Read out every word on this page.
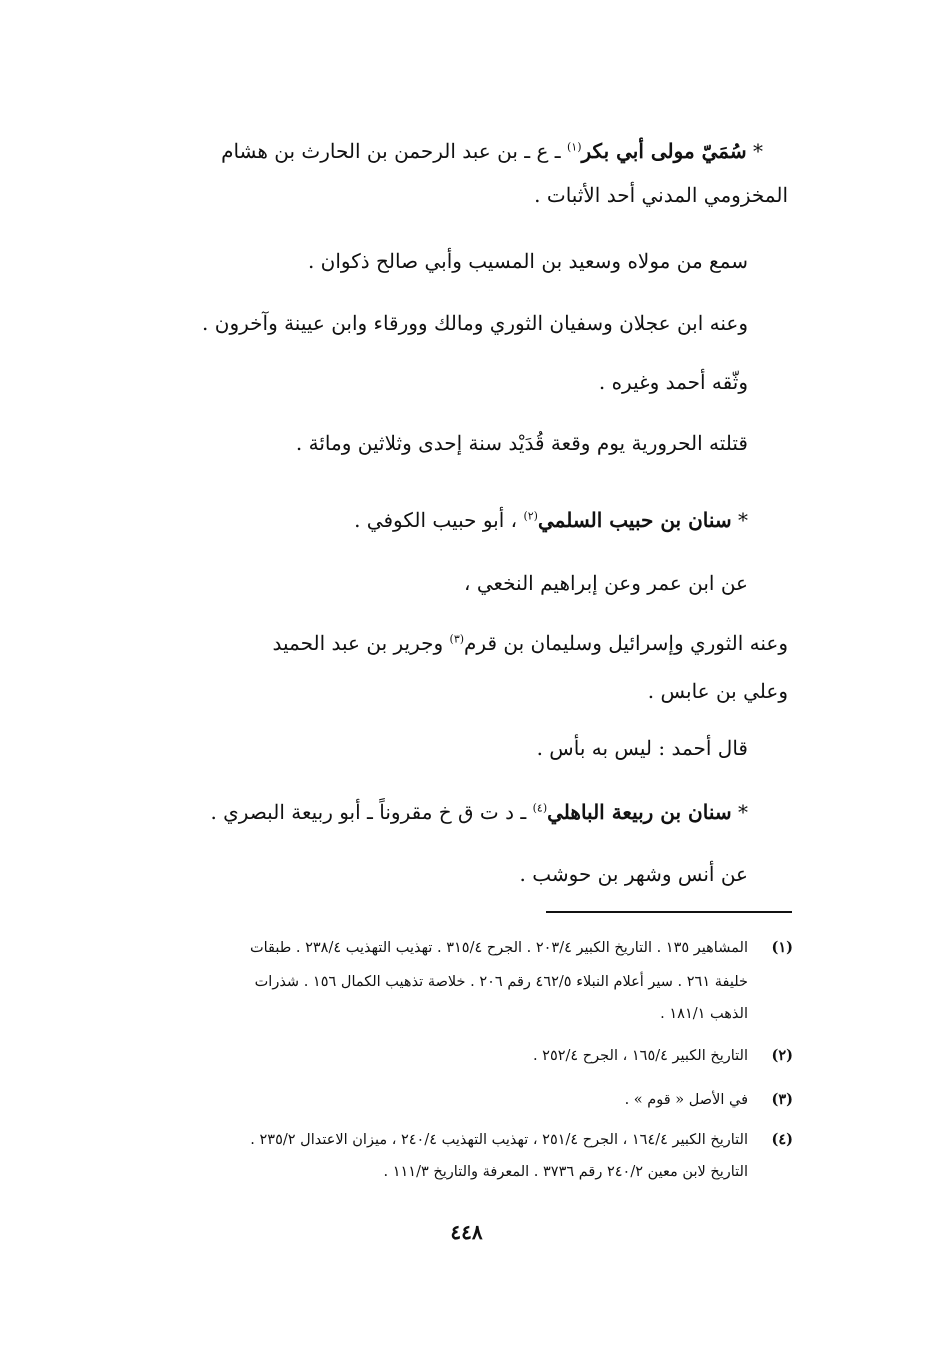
* سُمَيّ مولى أبي بكر$^{(١)}$ ـ ع ـ بن عبد الرحمن بن الحارث بن هشام
المخزومي المدني أحد الأثبات .
سمع من مولاه وسعيد بن المسيب وأبي صالح ذكوان .
وعنه ابن عجلان وسفيان الثوري ومالك وورقاء وابن عيينة وآخرون .
وثّقه أحمد وغيره .
قتلته الحرورية يوم وقعة قُدَيْد سنة إحدى وثلاثين ومائة .
* سنان بن حبيب السلمي$^{(٢)}$ ، أبو حبيب الكوفي .
عن ابن عمر وعن إبراهيم النخعي ،
وعنه الثوري وإسرائيل وسليمان بن قرم$^{(٣)}$ وجرير بن عبد الحميد
وعلي بن عابس .
قال أحمد : ليس به بأس .
* سنان بن ربيعة الباهلي$^{(٤)}$ ـ د ت ق خ مقروناً ـ أبو ربيعة البصري .
عن أنس وشهر بن حوشب .
(١)
المشاهير ١٣٥ . التاريخ الكبير ٢٠٣/٤ . الجرح ٣١٥/٤ . تهذيب التهذيب ٢٣٨/٤ . طبقات
خليفة ٢٦١ . سير أعلام النبلاء ٤٦٢/٥ رقم ٢٠٦ . خلاصة تذهيب الكمال ١٥٦ . شذرات
الذهب ١٨١/١ .
(٢)
التاريخ الكبير ١٦٥/٤ ، الجرح ٢٥٢/٤ .
(٣)
في الأصل « قوم » .
(٤)
التاريخ الكبير ١٦٤/٤ ، الجرح ٢٥١/٤ ، تهذيب التهذيب ٢٤٠/٤ ، ميزان الاعتدال ٢٣٥/٢ .
التاريخ لابن معين ٢٤٠/٢ رقم ٣٧٣٦ . المعرفة والتاريخ ١١١/٣ .
٤٤٨
